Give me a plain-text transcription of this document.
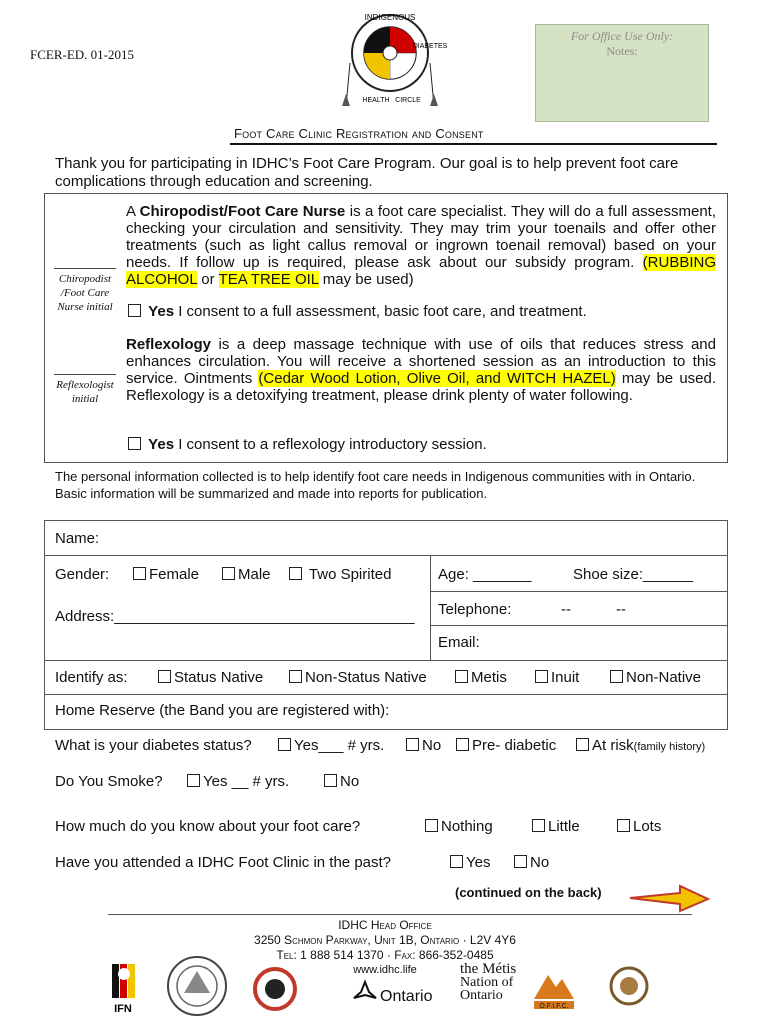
FCER-ED. 01-2015
INDIGENOUS
DIABETES
HEALTH CIRCLE
For Office Use Only:
Notes:
Foot Care Clinic Registration and Consent
Thank you for participating in IDHC’s Foot Care Program. Our goal is to help prevent foot care complications through education and screening.
Chiropodist /Foot Care Nurse initial
A Chiropodist/Foot Care Nurse is a foot care specialist. They will do a full assessment, checking your circulation and sensitivity. They may trim your toenails and offer other treatments (such as light callus removal or ingrown toenail removal) based on your needs. If follow up is required, please ask about our subsidy program. (RUBBING ALCOHOL or TEA TREE OIL may be used)
Yes I consent to a full assessment, basic foot care, and treatment.
Reflexologist initial
Reflexology is a deep massage technique with use of oils that reduces stress and enhances circulation. You will receive a shortened session as an introduction to this service. Ointments (Cedar Wood Lotion, Olive Oil, and WITCH HAZEL) may be used. Reflexology is a detoxifying treatment, please drink plenty of water following.
Yes I consent to a reflexology introductory session.
The personal information collected is to help identify foot care needs in Indigenous communities with in Ontario. Basic information will be summarized and made into reports for publication.
Name:
Gender:	Female	Male	Two Spirited	Age: _______	Shoe size:______
Address:____________________________________ Telephone:	--	--
Email:
Identify as:	Status Native	Non-Status Native	Metis	Inuit	Non-Native
Home Reserve (the Band you are registered with):
What is your diabetes status?	Yes___ # yrs.	No	Pre- diabetic	At risk(family history)
Do You Smoke?	Yes __ # yrs.	No
How much do you know about your foot care?	Nothing	Little	Lots
Have you attended a IDHC Foot Clinic in the past?	Yes	No
(continued on the back)
IDHC Head Office
3250 Schmon Parkway, Unit 1B, Ontario · L2V 4Y6
Tel: 1 888 514 1370 · Fax: 866-352-0485
www.idhc.life
IFN
Ontario
the Métis
Nation of
Ontario
O.F.I.F.C.
